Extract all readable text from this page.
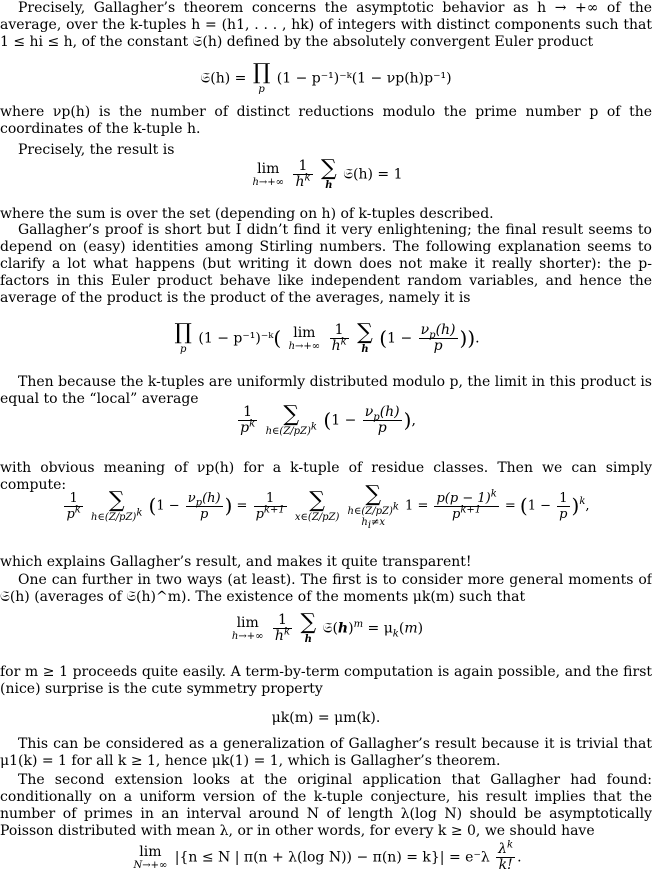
Precisely, Gallagher’s theorem concerns the asymptotic behavior as h → +∞ of the average, over the k-tuples h = (h1, . . . , hk) of integers with distinct components such that 1 ≤ hi ≤ h, of the constant 𝔖(h) defined by the absolutely convergent Euler product

𝔖(h) = ∏
p
(1 − p⁻¹)⁻ᵏ(1 − νp(h)p⁻¹)

where νp(h) is the number of distinct reductions modulo the prime number p of the coordinates of the k-tuple h.

Precisely, the result is

lim
h→+∞
$\frac{1}{h^k}$
∑
h
𝔖(h) = 1

where the sum is over the set (depending on h) of k-tuples described.

Gallagher’s proof is short but I didn’t find it very enlightening; the final result seems to depend on (easy) identities among Stirling numbers. The following explanation seems to clarify a lot what happens (but writing it down does not make it really shorter): the p-factors in this Euler product behave like independent random variables, and hence the average of the product is the product of the averages, namely it is

∏
p
(1 − p⁻¹)⁻ᵏ( lim
h→+∞
$\frac{1}{h^k}$
∑
h ($1 - \frac{\nu_p(h)}{p}$ )).

Then because the k-tuples are uniformly distributed modulo p, the limit in this product is equal to the “local” average

$\frac{1}{p^k}$
	∑
$h\in(Z/pZ)^k$ ($1 - \frac{\nu_p(h)}{p}$ ),

with obvious meaning of νp(h) for a k-tuple of residue classes. Then we can simply compute:

$\frac{1}{p^k}$
	∑
$h\in(Z/pZ)^k$ ($1 - \frac{\nu_p(h)}{p}$ ) = $\frac{1}{p^{k+1}}$
	∑
x∈(Z/pZ)

∑
$h\in(Z/pZ)^k$
$h_i\ne x$
$1 = \frac{p(p - 1)^k}{p^{k+1}} = (1 - \frac{1}{p} )^k$,

which explains Gallagher’s result, and makes it quite transparent!

One can further in two ways (at least). The first is to consider more general moments of 𝔖(h) (averages of 𝔖(h)^m). The existence of the moments μk(m) such that

lim
h→+∞
$\frac{1}{h^k}$
∑
h
$𝔖(h)^m = \mu_k(m)$

for m ≥ 1 proceeds quite easily. A term-by-term computation is again possible, and the first (nice) surprise is the cute symmetry property

μk(m) = μm(k).

This can be considered as a generalization of Gallagher’s result because it is trivial that μ1(k) = 1 for all k ≥ 1, hence μk(1) = 1, which is Gallagher’s theorem.

The second extension looks at the original application that Gallagher had found: conditionally on a uniform version of the k-tuple conjecture, his result implies that the number of primes in an interval around N of length λ(log N) should be asymptotically Poisson distributed with mean λ, or in other words, for every k ≥ 0, we should have

lim
N→+∞ |{n ≤ N | π(n + λ(log $N)) - \pi(n) = k\}| = e^-\lambda \frac{\lambda^k}{k!}$ .
